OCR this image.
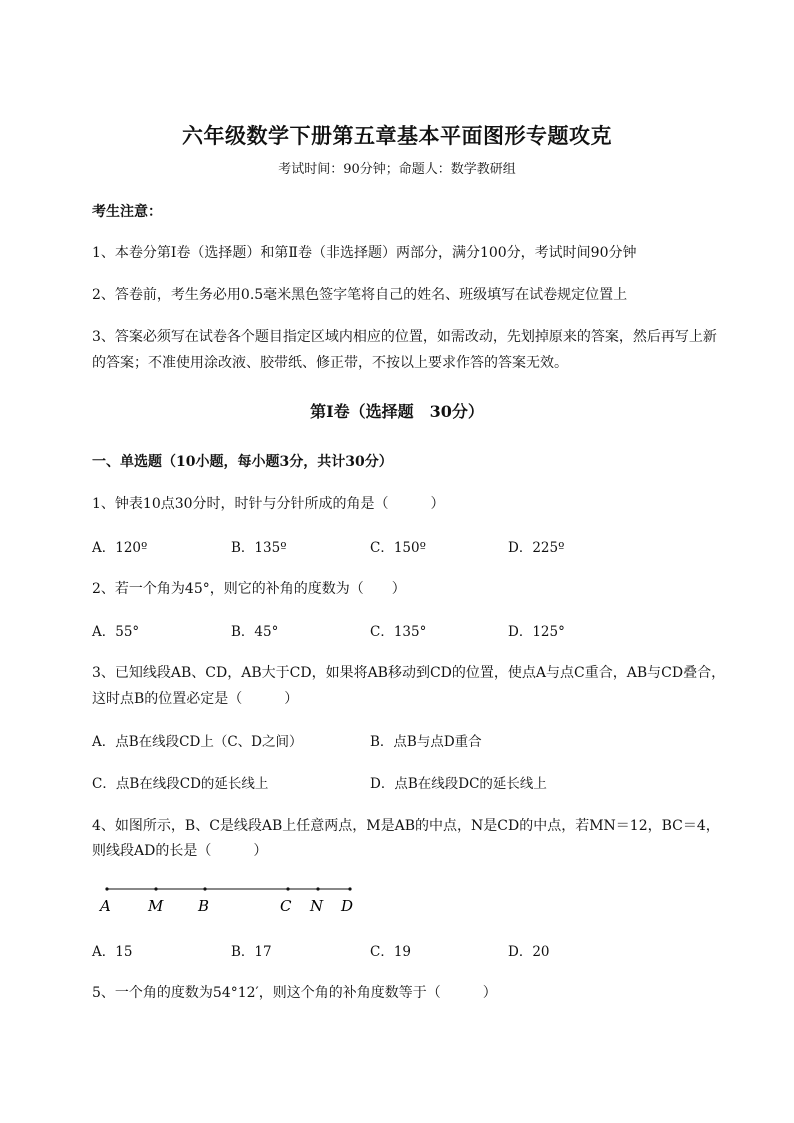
六年级数学下册第五章基本平面图形专题攻克
考试时间：90分钟；命题人：数学教研组
考生注意：
1、本卷分第Ⅰ卷（选择题）和第Ⅱ卷（非选择题）两部分，满分100分，考试时间90分钟
2、答卷前，考生务必用0.5毫米黑色签字笔将自己的姓名、班级填写在试卷规定位置上
3、答案必须写在试卷各个题目指定区域内相应的位置，如需改动，先划掉原来的答案，然后再写上新
的答案；不准使用涂改液、胶带纸、修正带，不按以上要求作答的答案无效。
第Ⅰ卷（选择题　30分）
一、单选题（10小题，每小题3分，共计30分）
1、钟表10点30分时，时针与分针所成的角是（　　　）
A．120º	B．135º	C．150º	D．225º
2、若一个角为45°，则它的补角的度数为（　　）
A．55°	B．45°	C．135°	D．125°
3、已知线段AB、CD，AB大于CD，如果将AB移动到CD的位置，使点A与点C重合，AB与CD叠合，
这时点B的位置必定是（　　　）
A．点B在线段CD上（C、D之间）	B．点B与点D重合
C．点B在线段CD的延长线上	D．点B在线段DC的延长线上
4、如图所示，B、C是线段AB上任意两点，M是AB的中点，N是CD的中点，若MN＝12，BC＝4，
则线段AD的长是（　　　）
A M B	C N D
A．15	B．17	C．19	D．20
5、一个角的度数为54°12′，则这个角的补角度数等于（　　　）
